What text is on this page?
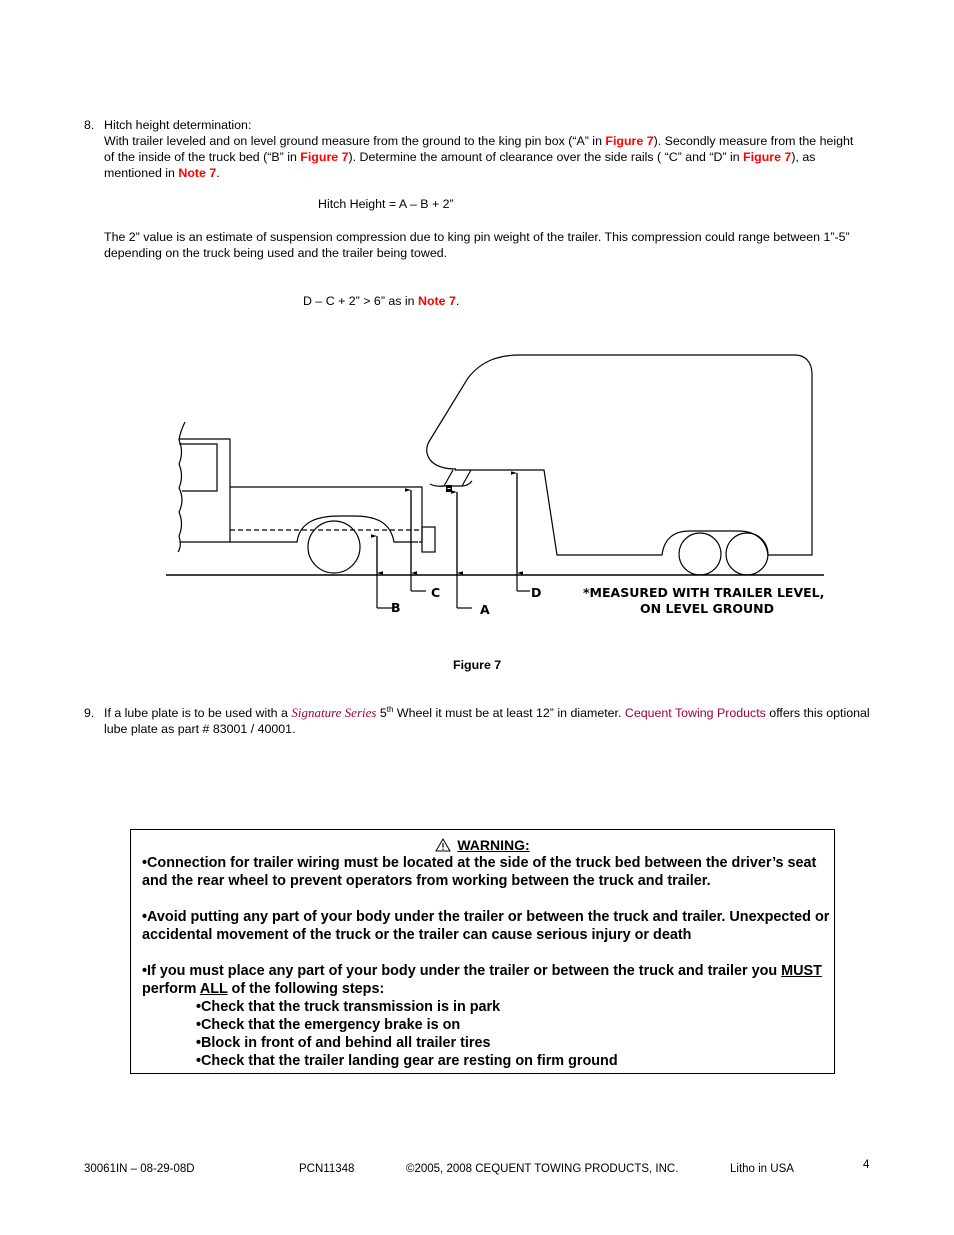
8. Hitch height determination:
With trailer leveled and on level ground measure from the ground to the king pin box (“A” in Figure 7). Secondly measure from the height of the inside of the truck bed (“B” in Figure 7). Determine the amount of clearance over the side rails ( “C” and “D” in Figure 7), as mentioned in Note 7.
Hitch Height = A – B + 2”
The 2” value is an estimate of suspension compression due to king pin weight of the trailer. This compression could range between 1”-5” depending on the truck being used and the trailer being towed.
D – C + 2” > 6” as in Note 7.
B
C
A
D	*MEASURED WITH TRAILER LEVEL,
ON LEVEL GROUND
Figure 7
9. If a lube plate is to be used with a Signature Series 5th Wheel it must be at least 12” in diameter. Cequent Towing Products offers this optional lube plate as part # 83001 / 40001.
WARNING:
•Connection for trailer wiring must be located at the side of the truck bed between the driver’s seat and the rear wheel to prevent operators from working between the truck and trailer.
•Avoid putting any part of your body under the trailer or between the truck and trailer. Unexpected or accidental movement of the truck or the trailer can cause serious injury or death
•If you must place any part of your body under the trailer or between the truck and trailer you MUST perform ALL of the following steps:
•Check that the truck transmission is in park
•Check that the emergency brake is on
•Block in front of and behind all trailer tires
•Check that the trailer landing gear are resting on firm ground
30061IN – 08-29-08D	PCN11348	©2005, 2008 CEQUENT TOWING PRODUCTS, INC.	Litho in USA	4
